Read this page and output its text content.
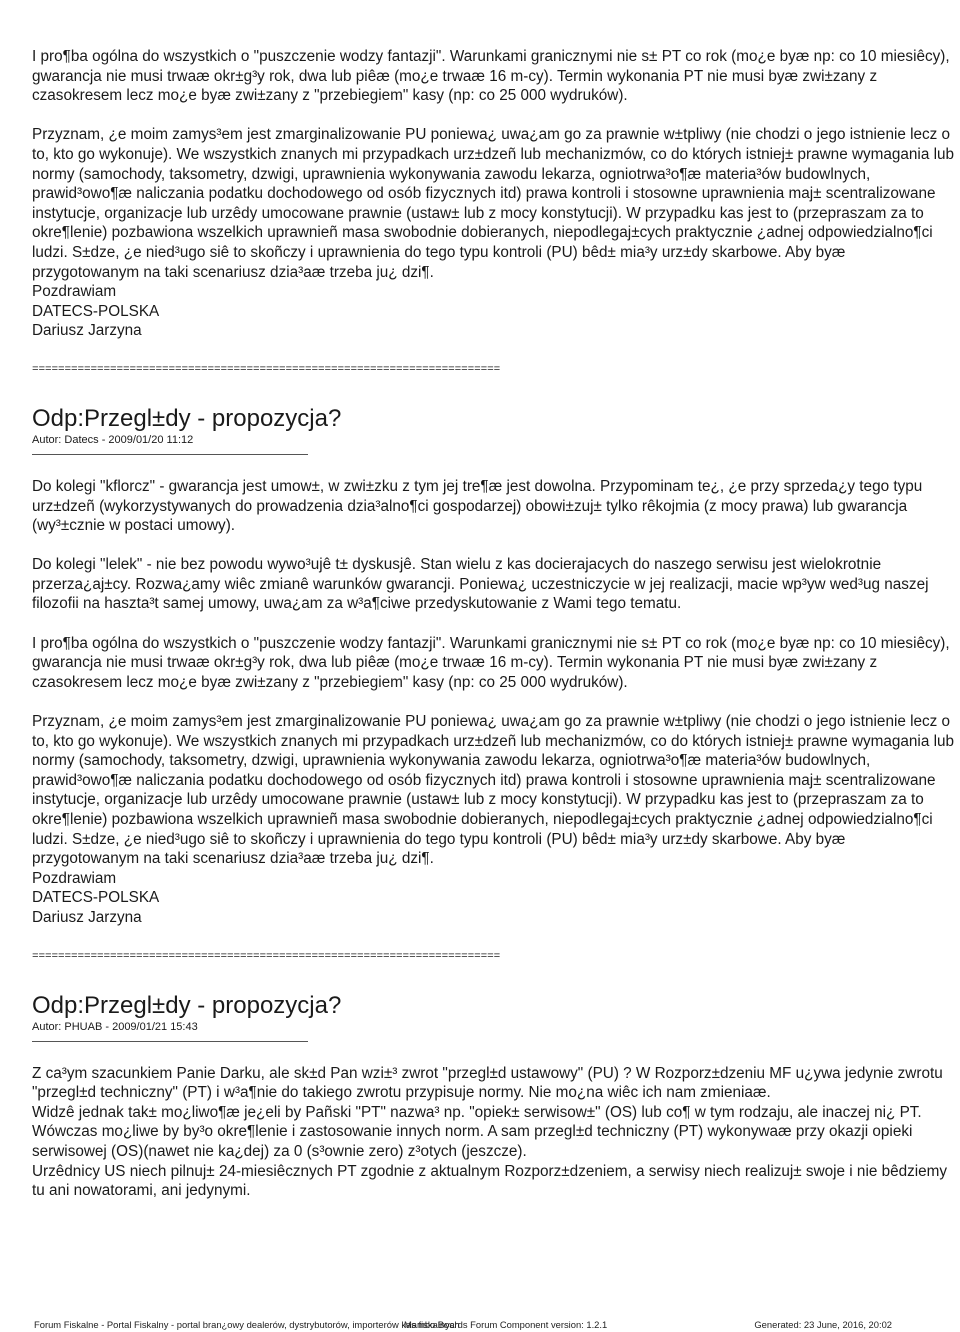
I pro¶ba ogólna do wszystkich o "puszczenie wodzy fantazji". Warunkami granicznymi nie s± PT co rok (mo¿e byæ np: co 10 miesiêcy), gwarancja nie musi trwaæ okr±g³y rok, dwa lub piêæ (mo¿e trwaæ 16 m-cy). Termin wykonania PT nie musi byæ zwi±zany z czasokresem lecz mo¿e byæ zwi±zany z "przebiegiem" kasy (np: co 25 000 wydruków).

Przyznam, ¿e moim zamys³em jest zmarginalizowanie PU poniewa¿ uwa¿am go za prawnie w±tpliwy (nie chodzi o jego istnienie lecz o to, kto go wykonuje). We wszystkich znanych mi przypadkach urz±dzeñ lub mechanizmów, co do których istniej± prawne wymagania lub normy (samochody, taksometry, dzwigi, uprawnienia wykonywania zawodu lekarza, ogniotrwa³o¶æ materia³ów budowlnych, prawid³owo¶æ naliczania podatku dochodowego od osób fizycznych itd) prawa kontroli i stosowne uprawnienia maj± scentralizowane instytucje, organizacje lub urzêdy umocowane prawnie (ustaw± lub z mocy konstytucji). W przypadku kas jest to (przepraszam za to okre¶lenie) pozbawiona wszelkich uprawnieñ masa swobodnie dobieranych, niepodlegaj±cych praktycznie ¿adnej odpowiedzialno¶ci ludzi. S±dze, ¿e nied³ugo siê to skoñczy i uprawnienia do tego typu kontroli (PU) bêd± mia³y urz±dy skarbowe. Aby byæ przygotowanym na taki scenariusz dzia³aæ trzeba ju¿ dzi¶.

Pozdrawiam

DATECS-POLSKA

Dariusz Jarzyna

========================================================================
Odp:Przegl±dy - propozycja?
Autor: Datecs - 2009/01/20 11:12

Do kolegi "kflorcz" - gwarancja jest umow±, w zwi±zku z tym jej tre¶æ jest dowolna. Przypominam te¿, ¿e przy sprzeda¿y tego typu urz±dzeñ (wykorzystywanych do prowadzenia dzia³alno¶ci gospodarzej) obowi±zuj± tylko rêkojmia (z mocy prawa) lub gwarancja (wy³±cznie w postaci umowy).

Do kolegi "lelek" - nie bez powodu wywo³ujê t± dyskusjê. Stan wielu z kas docierajacych do naszego serwisu jest wielokrotnie przerza¿aj±cy. Rozwa¿amy wiêc zmianê warunków gwarancji. Poniewa¿ uczestniczycie w jej realizacji, macie wp³yw wed³ug naszej filozofii na haszta³t samej umowy, uwa¿am za w³a¶ciwe przedyskutowanie z Wami tego tematu.

I pro¶ba ogólna do wszystkich o "puszczenie wodzy fantazji". Warunkami granicznymi nie s± PT co rok (mo¿e byæ np: co 10 miesiêcy), gwarancja nie musi trwaæ okr±g³y rok, dwa lub piêæ (mo¿e trwaæ 16 m-cy). Termin wykonania PT nie musi byæ zwi±zany z czasokresem lecz mo¿e byæ zwi±zany z "przebiegiem" kasy (np: co 25 000 wydruków).

Przyznam, ¿e moim zamys³em jest zmarginalizowanie PU poniewa¿ uwa¿am go za prawnie w±tpliwy (nie chodzi o jego istnienie lecz o to, kto go wykonuje). We wszystkich znanych mi przypadkach urz±dzeñ lub mechanizmów, co do których istniej± prawne wymagania lub normy (samochody, taksometry, dzwigi, uprawnienia wykonywania zawodu lekarza, ogniotrwa³o¶æ materia³ów budowlnych, prawid³owo¶æ naliczania podatku dochodowego od osób fizycznych itd) prawa kontroli i stosowne uprawnienia maj± scentralizowane instytucje, organizacje lub urzêdy umocowane prawnie (ustaw± lub z mocy konstytucji). W przypadku kas jest to (przepraszam za to okre¶lenie) pozbawiona wszelkich uprawnieñ masa swobodnie dobieranych, niepodlegaj±cych praktycznie ¿adnej odpowiedzialno¶ci ludzi. S±dze, ¿e nied³ugo siê to skoñczy i uprawnienia do tego typu kontroli (PU) bêd± mia³y urz±dy skarbowe. Aby byæ przygotowanym na taki scenariusz dzia³aæ trzeba ju¿ dzi¶.

Pozdrawiam

DATECS-POLSKA

Dariusz Jarzyna

========================================================================
Odp:Przegl±dy - propozycja?
Autor: PHUAB - 2009/01/21 15:43

Z ca³ym szacunkiem Panie Darku, ale sk±d Pan wzi±³ zwrot "przegl±d ustawowy" (PU) ? W Rozporz±dzeniu MF u¿ywa jedynie zwrotu "przegl±d techniczny" (PT) i w³a¶nie do takiego zwrotu przypisuje normy. Nie mo¿na wiêc ich nam zmieniaæ.

Widzê jednak tak± mo¿liwo¶æ je¿eli by Pañski "PT" nazwa³ np. "opiek± serwisow±" (OS) lub co¶ w tym rodzaju, ale inaczej ni¿ PT.

Wówczas mo¿liwe by by³o okre¶lenie i zastosowanie innych norm. A sam przegl±d techniczny (PT) wykonywaæ przy okazji opieki serwisowej (OS)(nawet nie ka¿dej) za 0 (s³ownie zero) z³otych (jeszcze).

Urzêdnicy US niech pilnuj± 24-miesiêcznych PT zgodnie z aktualnym Rozporz±dzeniem, a serwisy niech realizuj± swoje i nie bêdziemy tu ani nowatorami, ani jedynymi.

Forum Fiskalne - Portal Fiskalny - portal bran¿owy dealerów, dystrybutorów, importerów kas fiskalnych
Mambo Boards Forum Component version: 1.2.1	Generated: 23 June, 2016, 20:02
